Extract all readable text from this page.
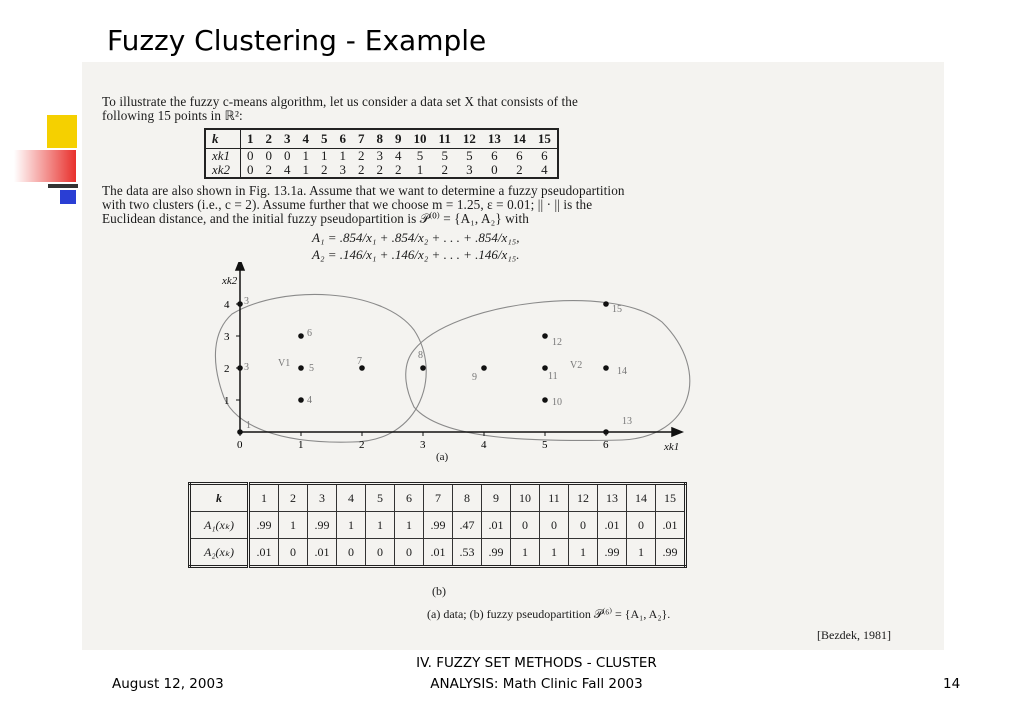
Fuzzy Clustering - Example
To illustrate the fuzzy c-means algorithm, let us consider a data set X that consists of the
following 15 points in ℝ²:
k	1	2	3	4	5	6	7	8	9	10	11	12	13	14	15
xk1	0	0	0	1	1	1	2	3	4	5	5	5	6	6	6
xk2	0	2	4	1	2	3	2	2	2	1	2	3	0	2	4
The data are also shown in Fig. 13.1a. Assume that we want to determine a fuzzy pseudopartition
with two clusters (i.e., c = 2). Assume further that we choose m = 1.25, ε = 0.01; || · || is the
Euclidean distance, and the initial fuzzy pseudopartition is 𝒫⁽⁰⁾ = {A₁, A₂} with
A₁ = .854/x₁ + .854/x₂ + . . . + .854/x₁₅,
A₂ = .146/x₁ + .146/x₂ + . . . + .146/x₁₅.
xk2
xk1
0	1	2	3	4	5	6
1
2
3
4
1
3
3
4
5
6
7
8
9
10
11
12
13
14
15
V1	V2
(a)
k	1	2	3	4	5	6	7	8	9	10	11	12	13	14	15
A₁(xₖ)	.99	1	.99	1	1	1	.99	.47	.01	0	0	0	.01	0	.01
A₂(xₖ)	.01	0	.01	0	0	0	.01	.53	.99	1	1	1	.99	1	.99
(b)
(a) data; (b) fuzzy pseudopartition 𝒫⁽⁶⁾ = {A₁, A₂}.
[Bezdek, 1981]
August 12, 2003
IV. FUZZY SET METHODS - CLUSTER
ANALYSIS: Math Clinic Fall 2003	14
